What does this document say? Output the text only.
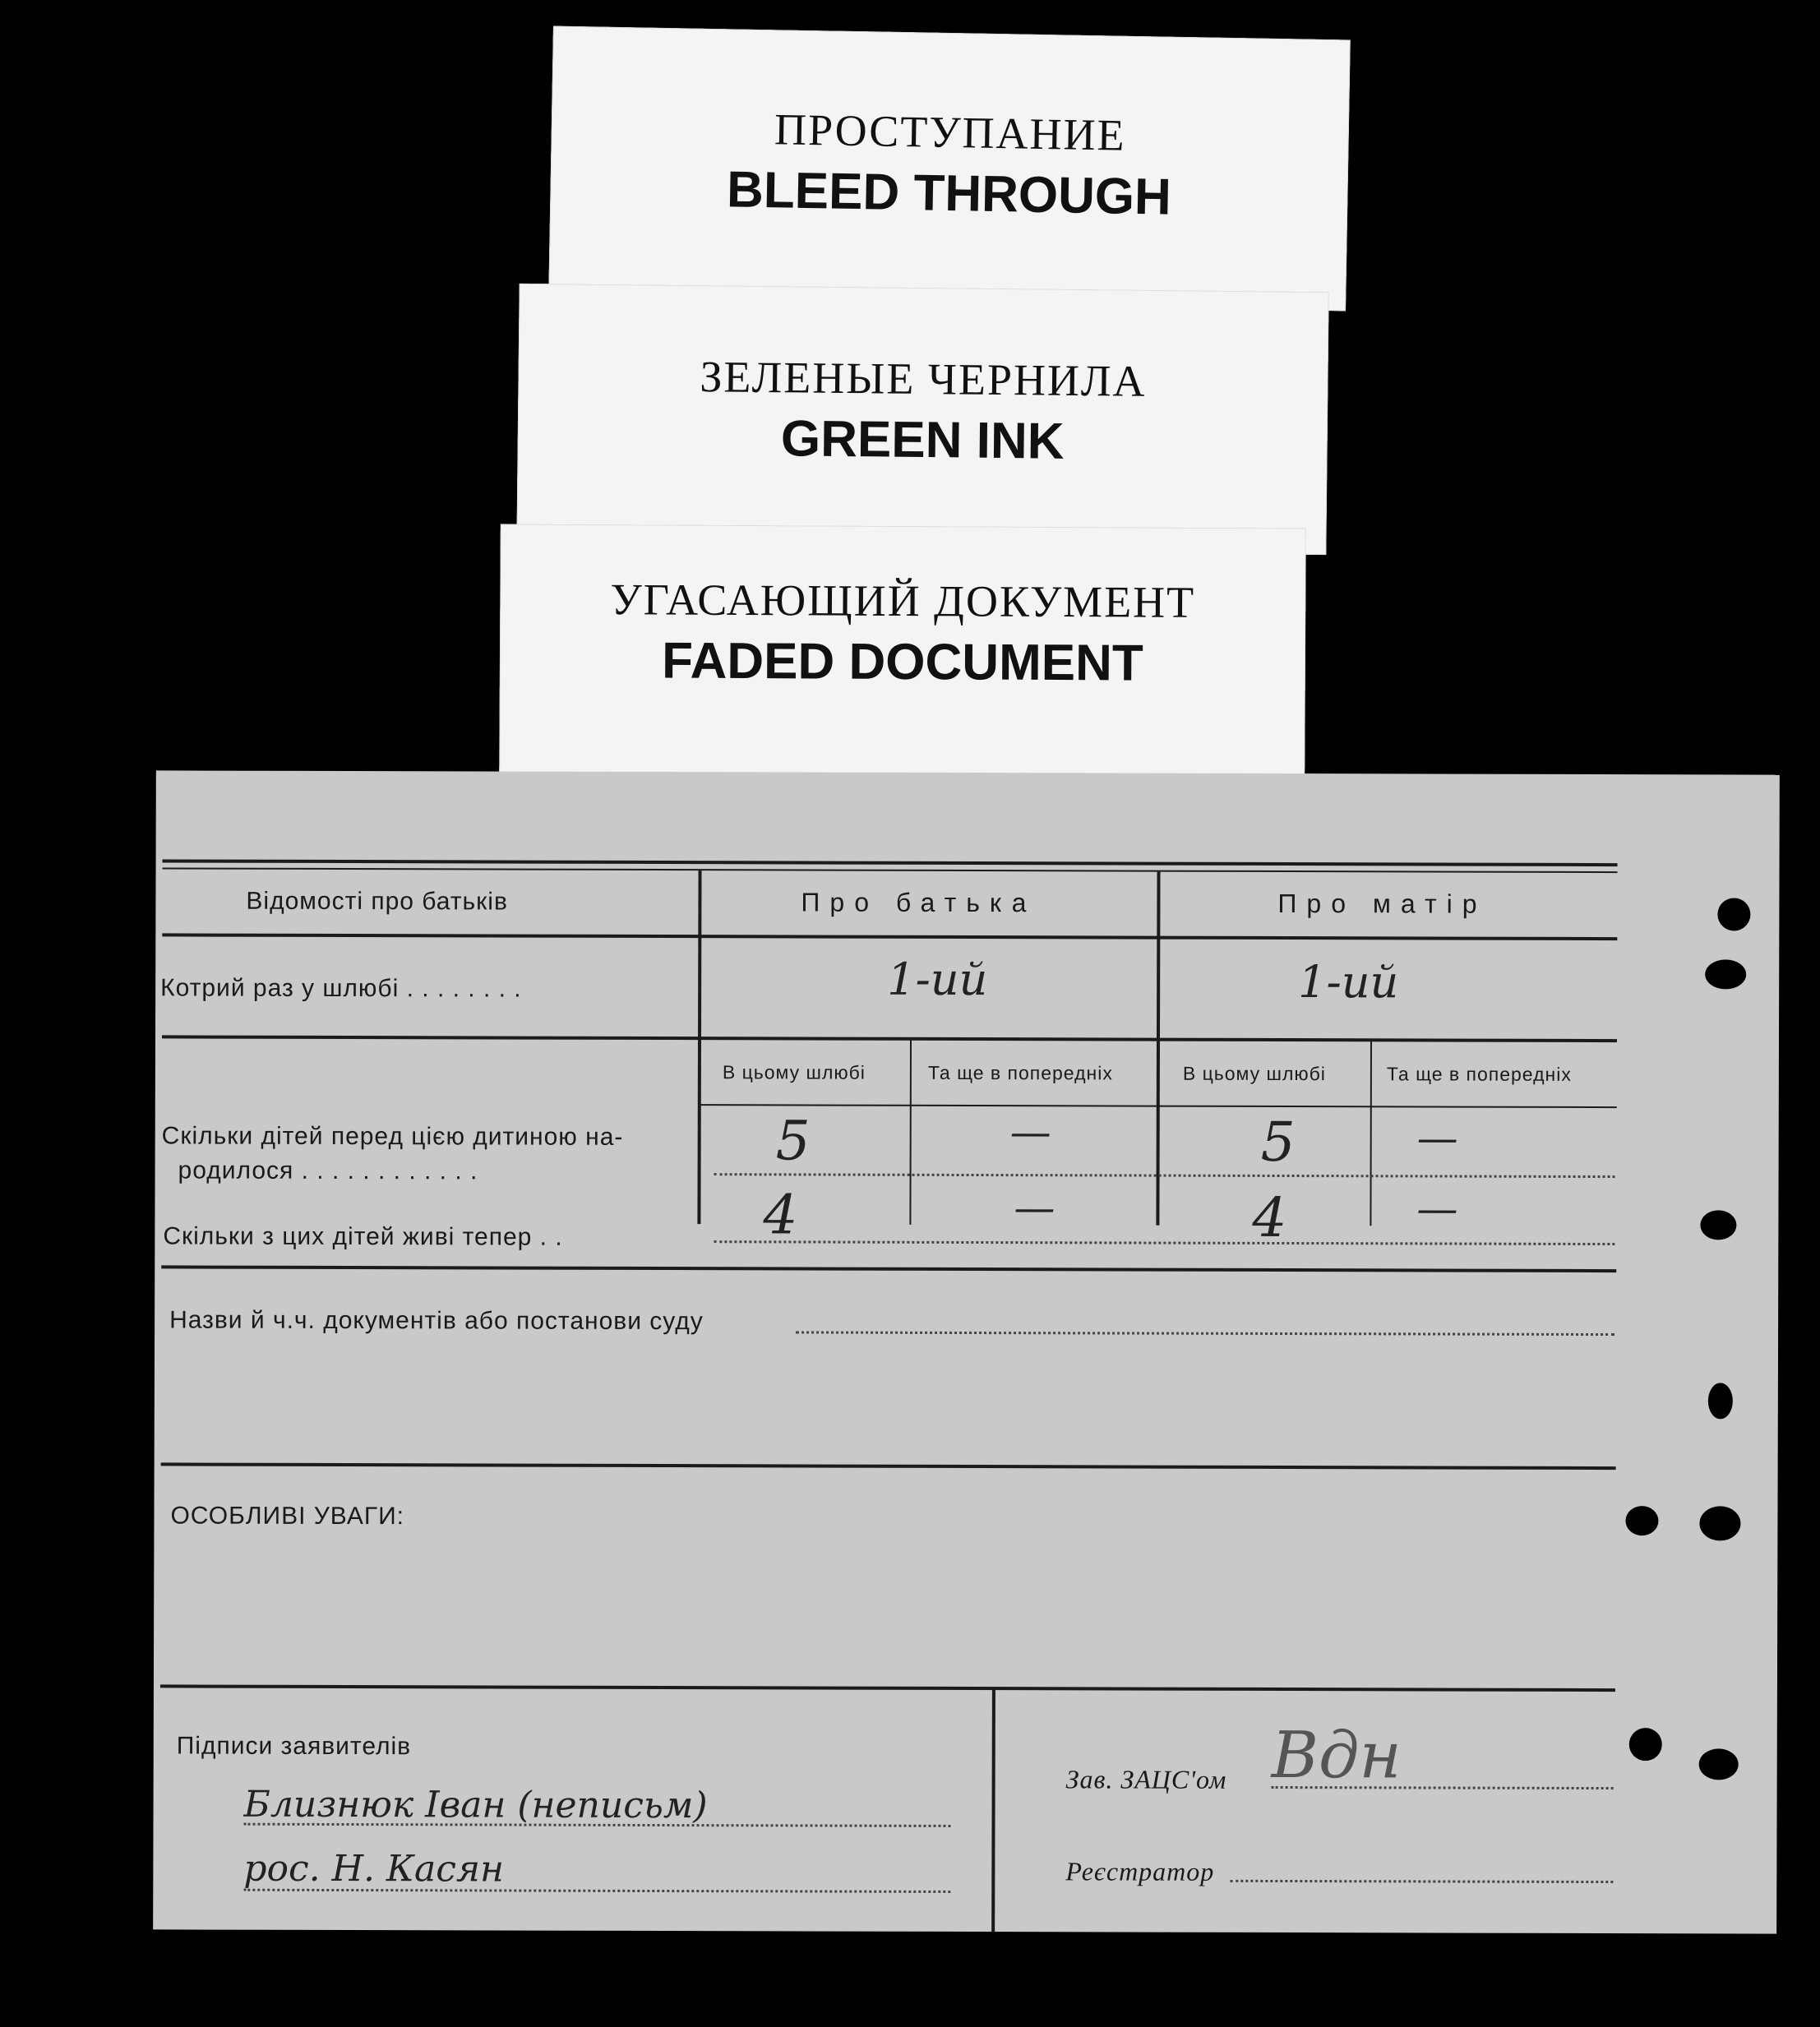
ПРОСТУПАНИЕ
BLEED THROUGH
ЗЕЛЕНЫЕ ЧЕРНИЛА
GREEN INK
УГАСАЮЩИЙ ДОКУМЕНТ
FADED DOCUMENT
Відомості про батьків	Про батька	Про матір
Котрий раз у шлюбі . . . . . . . .	1-ий	1-ий
В цьому шлюбі	Та ще в попередніх	В цьому шлюбі	Та ще в попередніх
Скільки дітей перед цією дитиною на-
родилося . . . . . . . . . . . .	5	—	5	—
Скільки з цих дітей живі тепер . .	4	—	4	—
Назви й ч.ч. документів або постанови суду
ОСОБЛИВІ УВАГИ:
Підписи заявителів
Близнюк Іван (неписьм)
рос. Н. Касян
Зав. ЗАЦС'ом Вдн
Реєстратор
